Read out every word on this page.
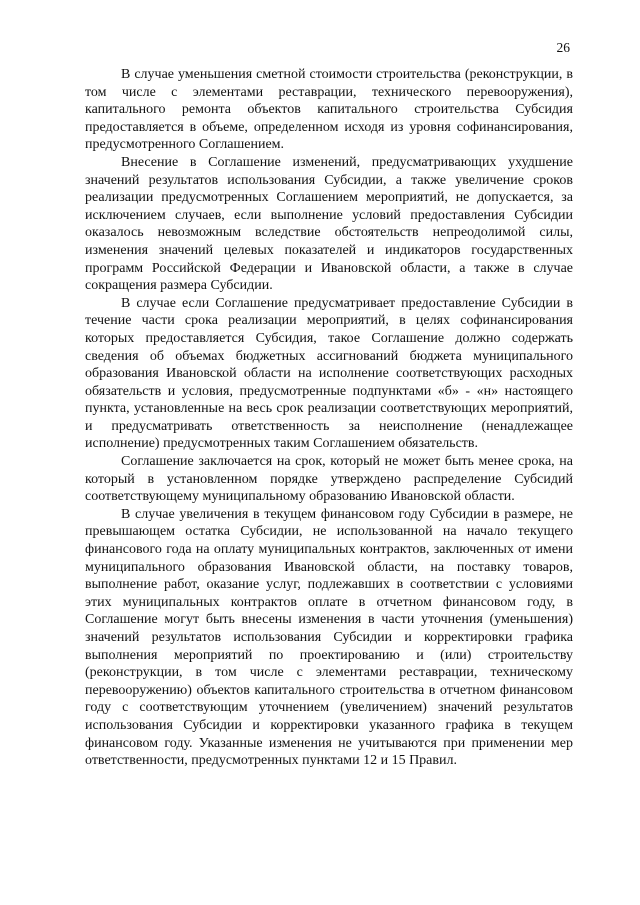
26

В случае уменьшения сметной стоимости строительства (реконструкции, в том числе с элементами реставрации, технического перевооружения), капитального ремонта объектов капитального строительства Субсидия предоставляется в объеме, определенном исходя из уровня софинансирования, предусмотренного Соглашением.

Внесение в Соглашение изменений, предусматривающих ухудшение значений результатов использования Субсидии, а также увеличение сроков реализации предусмотренных Соглашением мероприятий, не допускается, за исключением случаев, если выполнение условий предоставления Субсидии оказалось невозможным вследствие обстоятельств непреодолимой силы, изменения значений целевых показателей и индикаторов государственных программ Российской Федерации и Ивановской области, а также в случае сокращения размера Субсидии.

В случае если Соглашение предусматривает предоставление Субсидии в течение части срока реализации мероприятий, в целях софинансирования которых предоставляется Субсидия, такое Соглашение должно содержать сведения об объемах бюджетных ассигнований бюджета муниципального образования Ивановской области на исполнение соответствующих расходных обязательств и условия, предусмотренные подпунктами «б» - «н» настоящего пункта, установленные на весь срок реализации соответствующих мероприятий, и предусматривать ответственность за неисполнение (ненадлежащее исполнение) предусмотренных таким Соглашением обязательств.

Соглашение заключается на срок, который не может быть менее срока, на который в установленном порядке утверждено распределение Субсидий соответствующему муниципальному образованию Ивановской области.

В случае увеличения в текущем финансовом году Субсидии в размере, не превышающем остатка Субсидии, не использованной на начало текущего финансового года на оплату муниципальных контрактов, заключенных от имени муниципального образования Ивановской области, на поставку товаров, выполнение работ, оказание услуг, подлежавших в соответствии с условиями этих муниципальных контрактов оплате в отчетном финансовом году, в Соглашение могут быть внесены изменения в части уточнения (уменьшения) значений результатов использования Субсидии и корректировки графика выполнения мероприятий по проектированию и (или) строительству (реконструкции, в том числе с элементами реставрации, техническому перевооружению) объектов капитального строительства в отчетном финансовом году с соответствующим уточнением (увеличением) значений результатов использования Субсидии и корректировки указанного графика в текущем финансовом году. Указанные изменения не учитываются при применении мер ответственности, предусмотренных пунктами 12 и 15 Правил.
